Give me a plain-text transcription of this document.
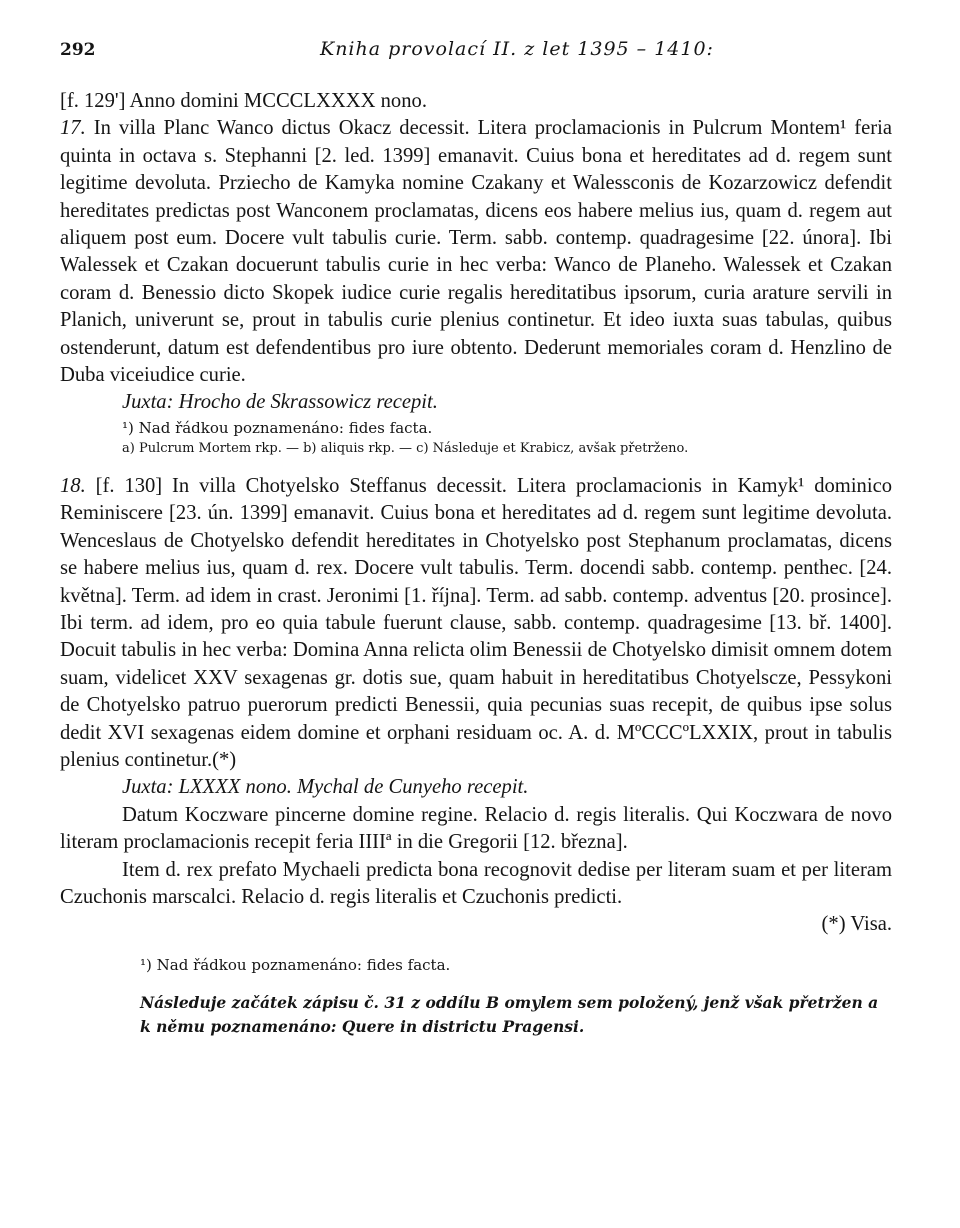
292	Kniha provolací II. z let 1395 – 1410:

[f. 129'] Anno domini MCCCLXXXX nono.

17. In villa Planc Wanco dictus Okacz decessit. Litera proclamacionis in Pulcrum Montem¹ feria quinta in octava s. Stephanni [2. led. 1399] emanavit. Cuius bona et hereditates ad d. regem sunt legitime devoluta. Prziecho de Kamyka nomine Czakany et Walessconis de Kozarzowicz defendit hereditates predictas post Wanconem proclamatas, dicens eos habere melius ius, quam d. regem aut aliquem post eum. Docere vult tabulis curie. Term. sabb. contemp. quadragesime [22. února]. Ibi Walessek et Czakan docuerunt tabulis curie in hec verba: Wanco de Planeho. Walessek et Czakan coram d. Benessio dicto Skopek iudice curie regalis hereditatibus ipsorum, curia arature servili in Planich, univerunt se, prout in tabulis curie plenius continetur. Et ideo iuxta suas tabulas, quibus ostenderunt, datum est defendentibus pro iure obtento. Dederunt memoriales coram d. Henzlino de Duba viceiudice curie.

Juxta: Hrocho de Skrassowicz recepit.

¹) Nad řádkou poznamenáno: fides facta.

a) Pulcrum Mortem rkp. — b) aliquis rkp. — c) Následuje et Krabicz, avšak přetrženo.

18. [f. 130] In villa Chotyelsko Steffanus decessit. Litera proclamacionis in Kamyk¹ dominico Reminiscere [23. ún. 1399] emanavit. Cuius bona et hereditates ad d. regem sunt legitime devoluta. Wenceslaus de Chotyelsko defendit hereditates in Chotyelsko post Stephanum proclamatas, dicens se habere melius ius, quam d. rex. Docere vult tabulis. Term. docendi sabb. contemp. penthec. [24. května]. Term. ad idem in crast. Jeronimi [1. října]. Term. ad sabb. contemp. adventus [20. prosince]. Ibi term. ad idem, pro eo quia tabule fuerunt clause, sabb. contemp. quadragesime [13. bř. 1400]. Docuit tabulis in hec verba: Domina Anna relicta olim Benessii de Chotyelsko dimisit omnem dotem suam, videlicet XXV sexagenas gr. dotis sue, quam habuit in hereditatibus Chotyelscze, Pessykoni de Chotyelsko patruo puerorum predicti Benessii, quia pecunias suas recepit, de quibus ipse solus dedit XVI sexagenas eidem domine et orphani residuam oc. A. d. MºCCCºLXXIX, prout in tabulis plenius continetur.(*)

Juxta: LXXXX nono. Mychal de Cunyeho recepit.

Datum Koczware pincerne domine regine. Relacio d. regis literalis. Qui Koczwara de novo literam proclamacionis recepit feria IIIIª in die Gregorii [12. března].

Item d. rex prefato Mychaeli predicta bona recognovit dedise per literam suam et per literam Czuchonis marscalci. Relacio d. regis literalis et Czuchonis predicti.

(*) Visa.

¹) Nad řádkou poznamenáno: fides facta.

Následuje začátek zápisu č. 31 z oddílu B omylem sem položený, jenž však přetržen a k němu poznamenáno: Quere in districtu Pragensi.
